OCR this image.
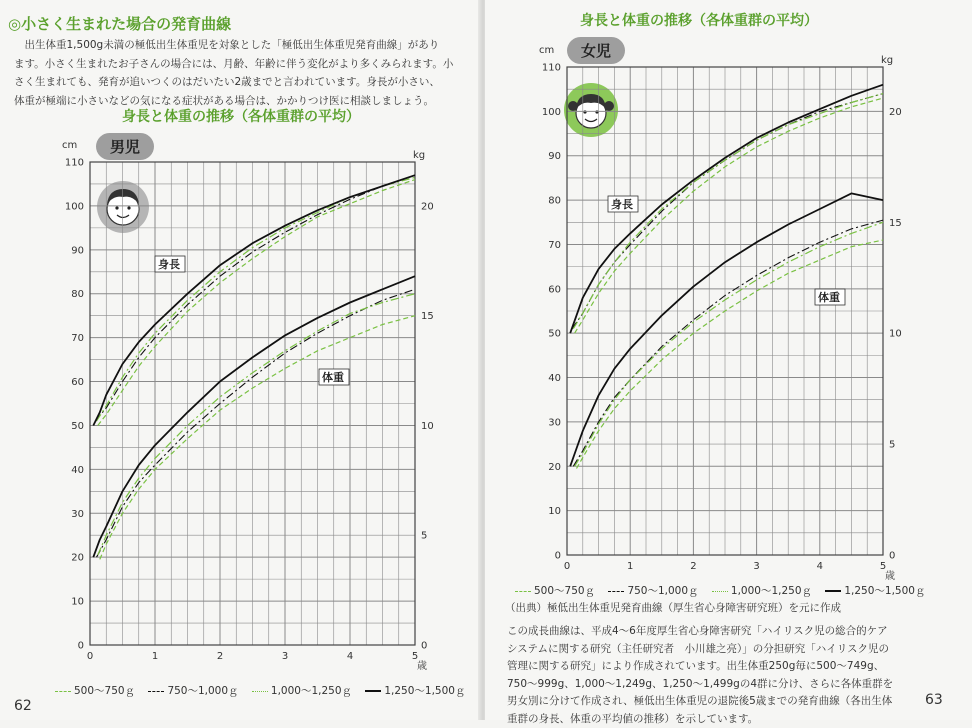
◎小さく生まれた場合の発育曲線
　出生体重1,500g未満の極低出生体重児を対象とした「極低出生体重児発育曲線」があり
ます。小さく生まれたお子さんの場合には、月齢、年齢に伴う変化がより多くみられます。小
さく生まれても、発育が追いつくのはだいたい2歳までと言われています。身長が小さい、
体重が極端に小さいなどの気になる症状がある場合は、かかりつけ医に相談しましょう。
身長と体重の推移（各体重群の平均）
男児
0	1	2	3	4	5
0
10
20
30
40
50
60
70
80
90
100
110
0
5
10
15
20
cm
kg
歳
身長
体重
500〜750ｇ	750〜1,000ｇ	1,000〜1,250ｇ	1,250〜1,500ｇ
62
身長と体重の推移（各体重群の平均）
女児
0	1	2	3	4	5
0
10
20
30
40
50
60
70
80
90
100
110
0
5
10
15
20
cm
kg
歳
身長
体重
500〜750ｇ	750〜1,000ｇ	1,000〜1,250ｇ	1,250〜1,500ｇ
（出典）極低出生体重児発育曲線（厚生省心身障害研究班）を元に作成
この成長曲線は、平成4〜6年度厚生省心身障害研究「ハイリスク児の総合的ケア
システムに関する研究（主任研究者　小川雄之亮）」の分担研究「ハイリスク児の
管理に関する研究」により作成されています。出生体重250g毎に500〜749g、
750〜999g、1,000〜1,249g、1,250〜1,499gの4群に分け、さらに各体重群を
男女別に分けて作成され、極低出生体重児の退院後5歳までの発育曲線（各出生体
重群の身長、体重の平均値の推移）を示しています。
63
